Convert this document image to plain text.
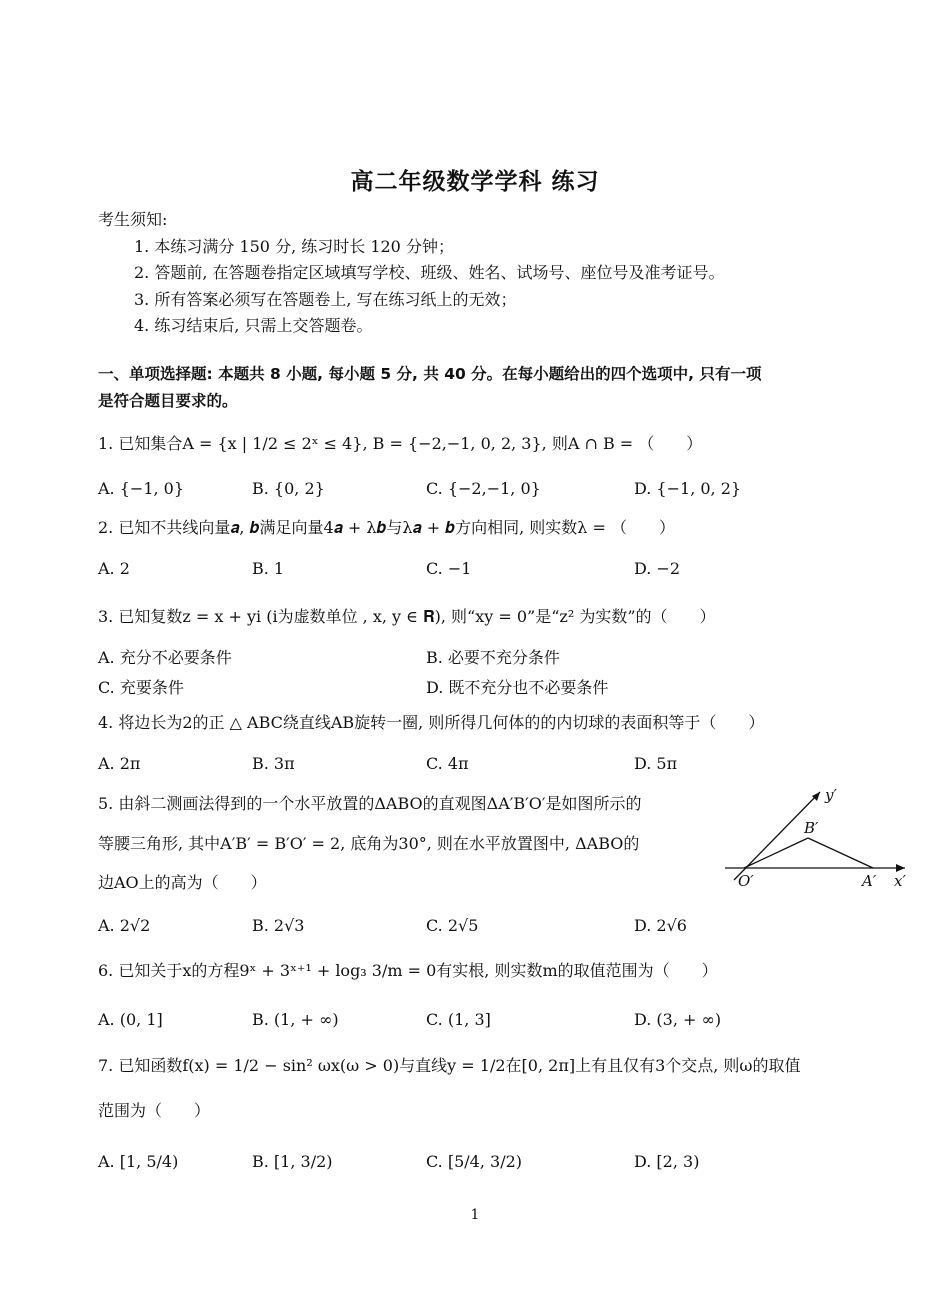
高二年级数学学科 练习
考生须知:
1. 本练习满分 150 分, 练习时长 120 分钟；
2. 答题前, 在答题卷指定区域填写学校、班级、姓名、试场号、座位号及准考证号。
3. 所有答案必须写在答题卷上, 写在练习纸上的无效；
4. 练习结束后, 只需上交答题卷。
一、单项选择题: 本题共 8 小题, 每小题 5 分, 共 40 分。在每小题给出的四个选项中, 只有一项
是符合题目要求的。
1. 已知集合A = {x | 1/2 ≤ 2ˣ ≤ 4}, B = {−2,−1, 0, 2, 3}, 则A ∩ B = （　　）
A. {−1, 0}	B. {0, 2}	C. {−2,−1, 0}	D. {−1, 0, 2}
2. 已知不共线向量𝒂, 𝒃满足向量4𝒂 + λ𝒃与λ𝒂 + 𝒃方向相同, 则实数λ = （　　）
A. 2	B. 1	C. −1	D. −2
3. 已知复数z = x + yi (i为虚数单位 , x, y ∈ 𝐑), 则“xy = 0”是“z² 为实数”的（　　）
A. 充分不必要条件	B. 必要不充分条件
C. 充要条件	D. 既不充分也不必要条件
4. 将边长为2的正 △ ABC绕直线AB旋转一圈, 则所得几何体的的内切球的表面积等于（　　）
A. 2π	B. 3π	C. 4π	D. 5π
5. 由斜二测画法得到的一个水平放置的ΔABO的直观图ΔA′B′O′是如图所示的
等腰三角形, 其中A′B′ = B′O′ = 2, 底角为30°, 则在水平放置图中, ΔABO的
边AO上的高为（　　）
y′
B′
O′	A′ x′
A. 2√2	B. 2√3	C. 2√5	D. 2√6
6. 已知关于x的方程9ˣ + 3ˣ⁺¹ + log₃ 3/m = 0有实根, 则实数m的取值范围为（　　）
A. (0, 1]	B. (1, + ∞)	C. (1, 3]	D. (3, + ∞)
7. 已知函数f(x) = 1/2 − sin² ωx(ω > 0)与直线y = 1/2在[0, 2π]上有且仅有3个交点, 则ω的取值
范围为（　　）
A. [1, 5/4)	B. [1, 3/2)	C. [5/4, 3/2)	D. [2, 3)
1
